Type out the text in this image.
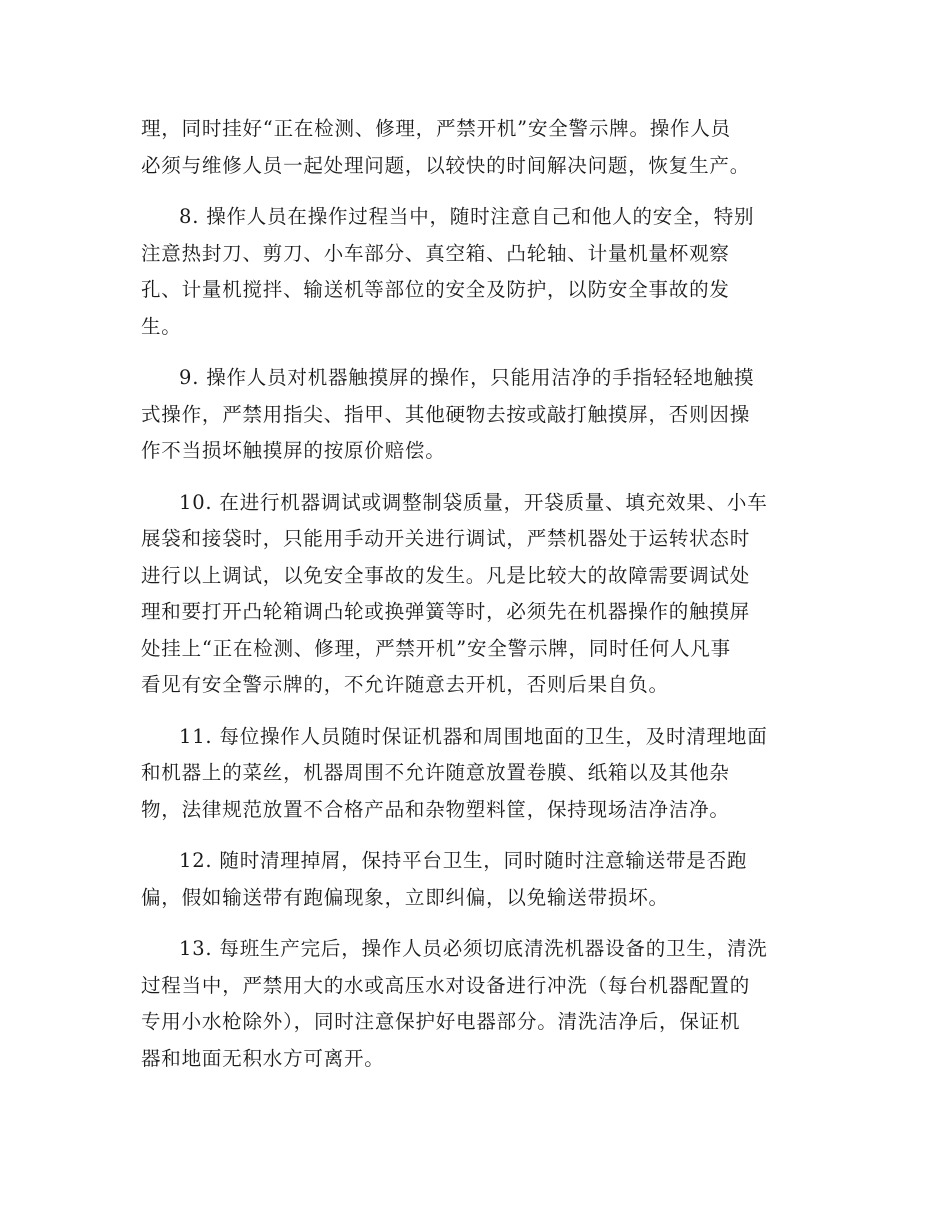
理，同时挂好“正在检测、修理，严禁开机”安全警示牌。操作人员
必须与维修人员一起处理问题，以较快的时间解决问题，恢复生产。
8. 操作人员在操作过程当中，随时注意自己和他人的安全，特别
注意热封刀、剪刀、小车部分、真空箱、凸轮轴、计量机量杯观察
孔、计量机搅拌、输送机等部位的安全及防护，以防安全事故的发
生。
9. 操作人员对机器触摸屏的操作，只能用洁净的手指轻轻地触摸
式操作，严禁用指尖、指甲、其他硬物去按或敲打触摸屏，否则因操
作不当损坏触摸屏的按原价赔偿。
10. 在进行机器调试或调整制袋质量，开袋质量、填充效果、小车
展袋和接袋时，只能用手动开关进行调试，严禁机器处于运转状态时
进行以上调试，以免安全事故的发生。凡是比较大的故障需要调试处
理和要打开凸轮箱调凸轮或换弹簧等时，必须先在机器操作的触摸屏
处挂上“正在检测、修理，严禁开机”安全警示牌，同时任何人凡事
看见有安全警示牌的，不允许随意去开机，否则后果自负。
11. 每位操作人员随时保证机器和周围地面的卫生，及时清理地面
和机器上的菜丝，机器周围不允许随意放置卷膜、纸箱以及其他杂
物，法律规范放置不合格产品和杂物塑料筐，保持现场洁净洁净。
12. 随时清理掉屑，保持平台卫生，同时随时注意输送带是否跑
偏，假如输送带有跑偏现象，立即纠偏，以免输送带损坏。
13. 每班生产完后，操作人员必须切底清洗机器设备的卫生，清洗
过程当中，严禁用大的水或高压水对设备进行冲洗（每台机器配置的
专用小水枪除外），同时注意保护好电器部分。清洗洁净后，保证机
器和地面无积水方可离开。
